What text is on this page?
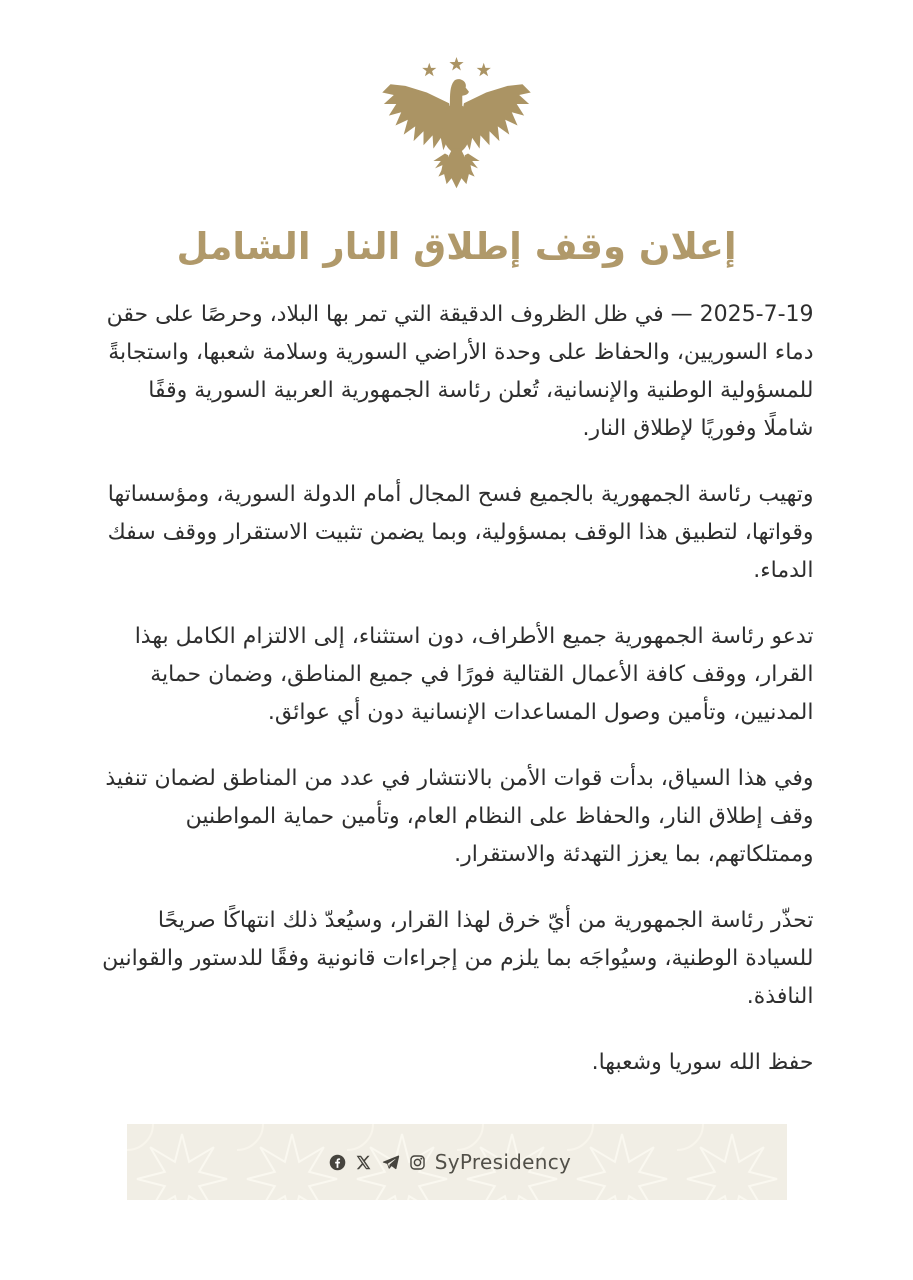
إعلان وقف إطلاق النار الشامل

2025-7-19 — في ظل الظروف الدقيقة التي تمر بها البلاد، وحرصًا على حقن دماء السوريين، والحفاظ على وحدة الأراضي السورية وسلامة شعبها، واستجابةً للمسؤولية الوطنية والإنسانية، تُعلن رئاسة الجمهورية العربية السورية وقفًا شاملًا وفوريًا لإطلاق النار.

وتهيب رئاسة الجمهورية بالجميع فسح المجال أمام الدولة السورية، ومؤسساتها وقواتها، لتطبيق هذا الوقف بمسؤولية، وبما يضمن تثبيت الاستقرار ووقف سفك الدماء.

تدعو رئاسة الجمهورية جميع الأطراف، دون استثناء، إلى الالتزام الكامل بهذا القرار، ووقف كافة الأعمال القتالية فورًا في جميع المناطق، وضمان حماية المدنيين، وتأمين وصول المساعدات الإنسانية دون أي عوائق.

وفي هذا السياق، بدأت قوات الأمن بالانتشار في عدد من المناطق لضمان تنفيذ وقف إطلاق النار، والحفاظ على النظام العام، وتأمين حماية المواطنين وممتلكاتهم، بما يعزز التهدئة والاستقرار.

تحذّر رئاسة الجمهورية من أيّ خرق لهذا القرار، وسيُعدّ ذلك انتهاكًا صريحًا للسيادة الوطنية، وسيُواجَه بما يلزم من إجراءات قانونية وفقًا للدستور والقوانين النافذة.

حفظ الله سوريا وشعبها.

SyPresidency
